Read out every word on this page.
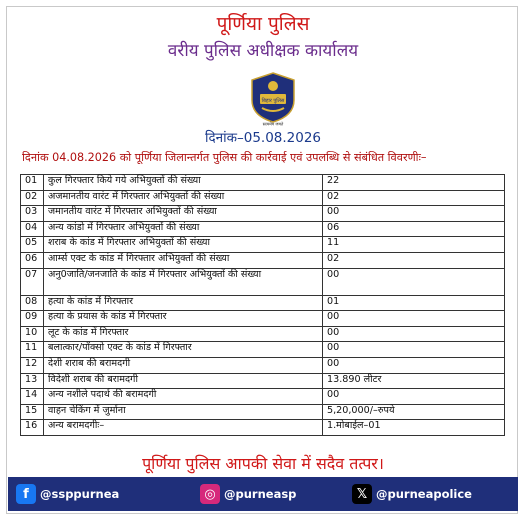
पूर्णिया पुलिस
वरीय पुलिस अधीक्षक कार्यालय
बिहार पुलिस
सत्यमेव जयते
दिनांक–05.08.2026
दिनांक 04.08.2026 को पूर्णिया जिलान्तर्गत पुलिस की कार्रवाई एवं उपलब्धि से संबंधित विवरणीः–
01	कुल गिरफ्तार किये गये अभियुक्तों की संख्या	22
02	अजमानतीय वारंट में गिरफ्तार अभियुक्तों की संख्या	02
03	जमानतीय वारंट में गिरफ्तार अभियुक्तों की संख्या	00
04	अन्य कांडो में गिरफ्तार अभियुक्तों की संख्या	06
05	शराब के कांड में गिरफ्तार अभियुक्तों की संख्या	11
06	आर्म्स एक्ट के कांड में गिरफ्तार अभियुक्तों की संख्या	02
07	अनु0जाति/जनजाति के कांड में गिरफ्तार अभियुक्तों की संख्या	00
08	हत्या के कांड में गिरफ्तार	01
09	हत्या के प्रयास के कांड में गिरफ्तार	00
10	लूट के कांड में गिरफ्तार	00
11	बलात्कार/पॉक्सो एक्ट के कांड में गिरफ्तार	00
12	देशी शराब की बरामदगी	00
13	विदेशी शराब की बरामदगी	13.890 लीटर
14	अन्य नशीले पदार्थ की बरामदगी	00
15	वाहन चेकिंग में जुर्माना	5,20,000/–रुपये
16	अन्य बरामदगीः–	1.मोबाईल–01
पूर्णिया पुलिस आपकी सेवा में सदैव तत्पर।
f @ssppurnea	◎ @purneasp	𝕏 @purneapolice
